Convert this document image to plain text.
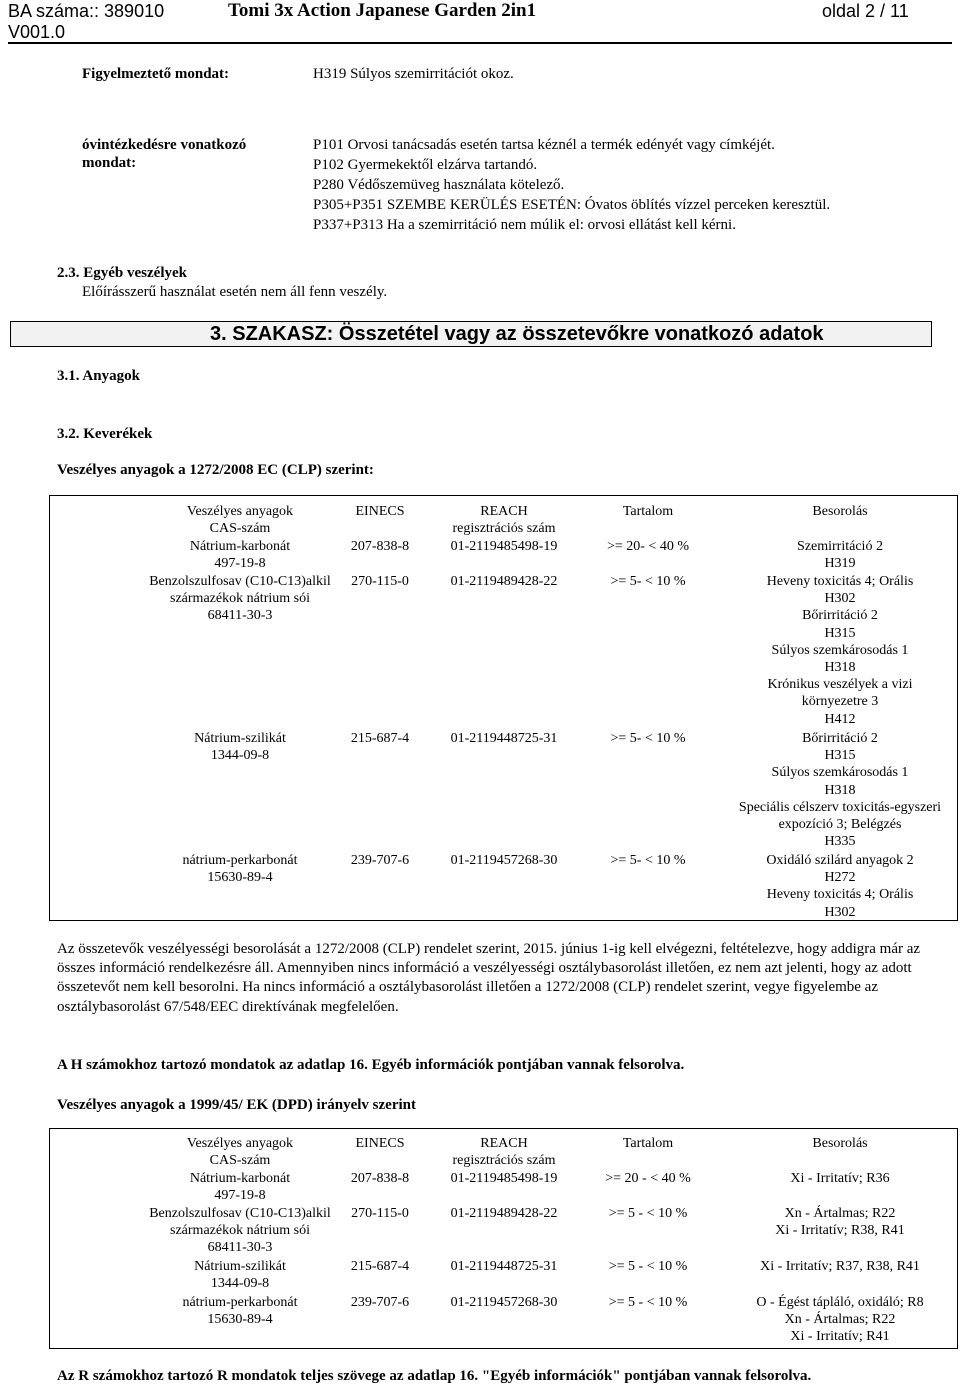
BA száma:: 389010
V001.0
Tomi 3x Action Japanese Garden 2in1	oldal 2 / 11
Figyelmeztető mondat:	H319 Súlyos szemirritációt okoz.
óvintézkedésre vonatkozó
mondat:
P101 Orvosi tanácsadás esetén tartsa kéznél a termék edényét vagy címkéjét.
P102 Gyermekektől elzárva tartandó.
P280 Védőszemüveg használata kötelező.
P305+P351 SZEMBE KERÜLÉS ESETÉN: Óvatos öblítés vízzel perceken keresztül.
P337+P313 Ha a szemirritáció nem múlik el: orvosi ellátást kell kérni.
2.3. Egyéb veszélyek
Előírásszerű használat esetén nem áll fenn veszély.
3. SZAKASZ: Összetétel vagy az összetevőkre vonatkozó adatok
3.1. Anyagok
3.2. Keverékek
Veszélyes anyagok a 1272/2008 EC (CLP) szerint:
Veszélyes anyagok
CAS-szám
EINECS	REACH
regisztrációs szám
Tartalom	Besorolás
Nátrium-karbonát
497-19-8
207-838-8	01-2119485498-19	>= 20- < 40 %	Szemirritáció 2
H319
Benzolszulfosav (C10-C13)alkil
származékok nátrium sói
68411-30-3
270-115-0	01-2119489428-22	>= 5- < 10 %	Heveny toxicitás 4; Orális
H302
Bőrirritáció 2
H315
Súlyos szemkárosodás 1
H318
Krónikus veszélyek a vizi
környezetre 3
H412
Nátrium-szilikát
1344-09-8
215-687-4	01-2119448725-31	>= 5- < 10 %	Bőrirritáció 2
H315
Súlyos szemkárosodás 1
H318
Speciális célszerv toxicitás-egyszeri
expozíció 3; Belégzés
H335
nátrium-perkarbonát
15630-89-4
239-707-6	01-2119457268-30	>= 5- < 10 %	Oxidáló szilárd anyagok 2
H272
Heveny toxicitás 4; Orális
H302
Az összetevők veszélyességi besorolását a 1272/2008 (CLP) rendelet szerint, 2015. június 1-ig kell elvégezni, feltételezve, hogy addigra már az összes információ rendelkezésre áll. Amennyiben nincs információ a veszélyességi osztálybasorolást illetően, ez nem azt jelenti, hogy az adott összetevőt nem kell besorolni. Ha nincs információ a osztálybasorolást illetően a 1272/2008 (CLP) rendelet szerint, vegye figyelembe az osztálybasorolást 67/548/EEC direktívának megfelelően.
A H számokhoz tartozó mondatok az adatlap 16. Egyéb információk pontjában vannak felsorolva.
Veszélyes anyagok a 1999/45/ EK (DPD) irányelv szerint
Veszélyes anyagok
CAS-szám
EINECS	REACH
regisztrációs szám
Tartalom	Besorolás
Nátrium-karbonát
497-19-8
207-838-8	01-2119485498-19	>= 20 - < 40 %	Xi - Irritatív; R36
Benzolszulfosav (C10-C13)alkil
származékok nátrium sói
68411-30-3
270-115-0	01-2119489428-22	>= 5 - < 10 %	Xn - Ártalmas; R22
Xi - Irritatív; R38, R41
Nátrium-szilikát
1344-09-8
215-687-4	01-2119448725-31	>= 5 - < 10 %	Xi - Irritatív; R37, R38, R41
nátrium-perkarbonát
15630-89-4
239-707-6	01-2119457268-30	>= 5 - < 10 %	O - Égést tápláló, oxidáló; R8
Xn - Ártalmas; R22
Xi - Irritatív; R41
Az R számokhoz tartozó R mondatok teljes szövege az adatlap 16. "Egyéb információk" pontjában vannak felsorolva.
